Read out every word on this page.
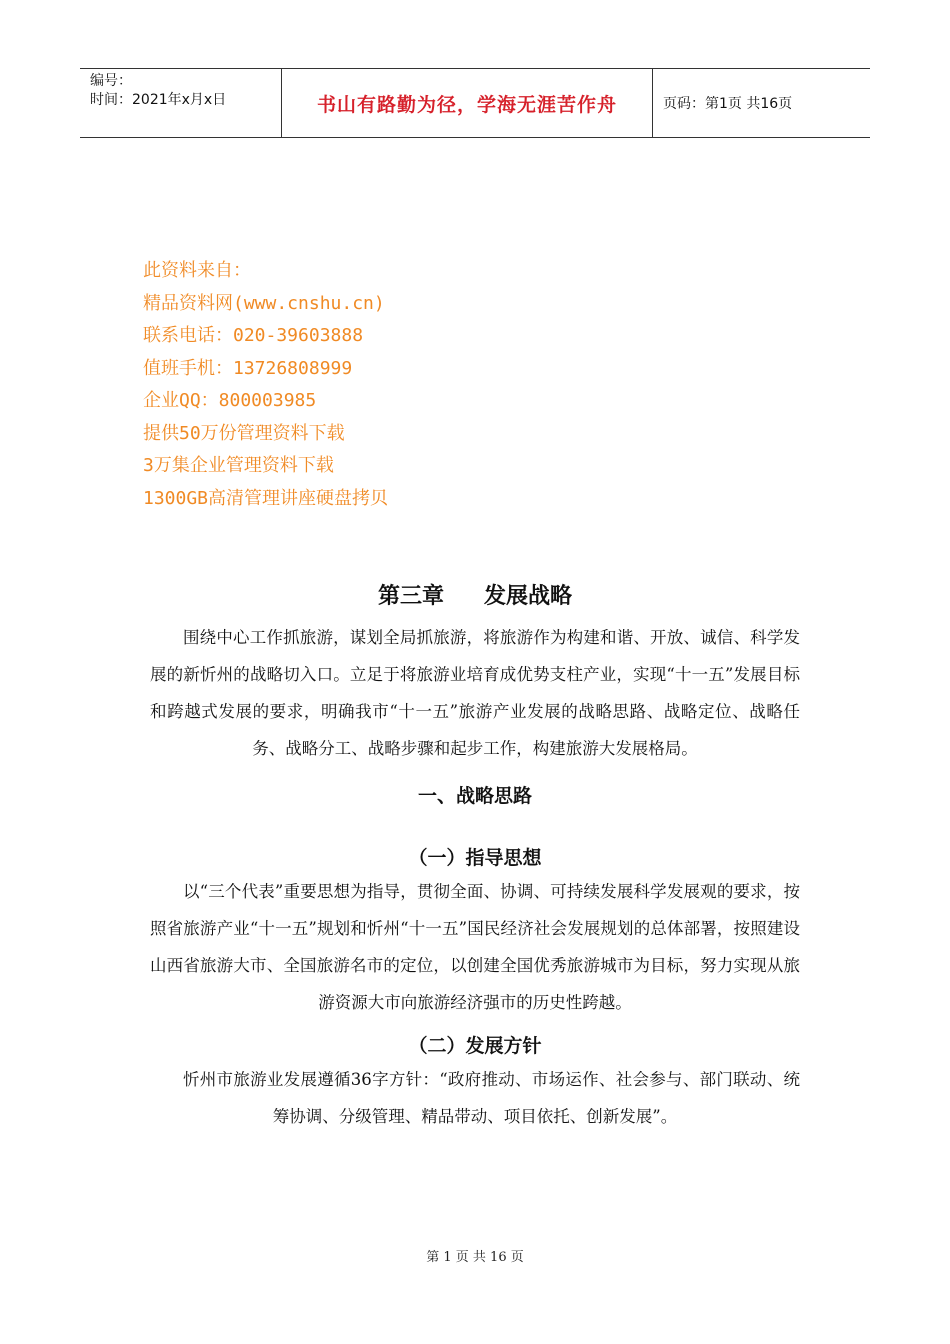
编号：
时间：2021年x月x日	书山有路勤为径，学海无涯苦作舟	页码：第1页 共16页
此资料来自：
精品资料网(www.cnshu.cn)
联系电话：020-39603888
值班手机：13726808999
企业QQ：800003985
提供50万份管理资料下载
3万集企业管理资料下载
1300GB高清管理讲座硬盘拷贝
第三章 发展战略

围绕中心工作抓旅游，谋划全局抓旅游，将旅游作为构建和谐、开放、诚信、科学发展的新忻州的战略切入口。立足于将旅游业培育成优势支柱产业，实现“十一五”发展目标和跨越式发展的要求，明确我市“十一五”旅游产业发展的战略思路、战略定位、战略任务、战略分工、战略步骤和起步工作，构建旅游大发展格局。

一、战略思路
（一）指导思想

以“三个代表”重要思想为指导，贯彻全面、协调、可持续发展科学发展观的要求，按照省旅游产业“十一五”规划和忻州“十一五”国民经济社会发展规划的总体部署，按照建设山西省旅游大市、全国旅游名市的定位，以创建全国优秀旅游城市为目标，努力实现从旅游资源大市向旅游经济强市的历史性跨越。

（二）发展方针

忻州市旅游业发展遵循36字方针：“政府推动、市场运作、社会参与、部门联动、统筹协调、分级管理、精品带动、项目依托、创新发展”。

第 1 页 共 16 页
